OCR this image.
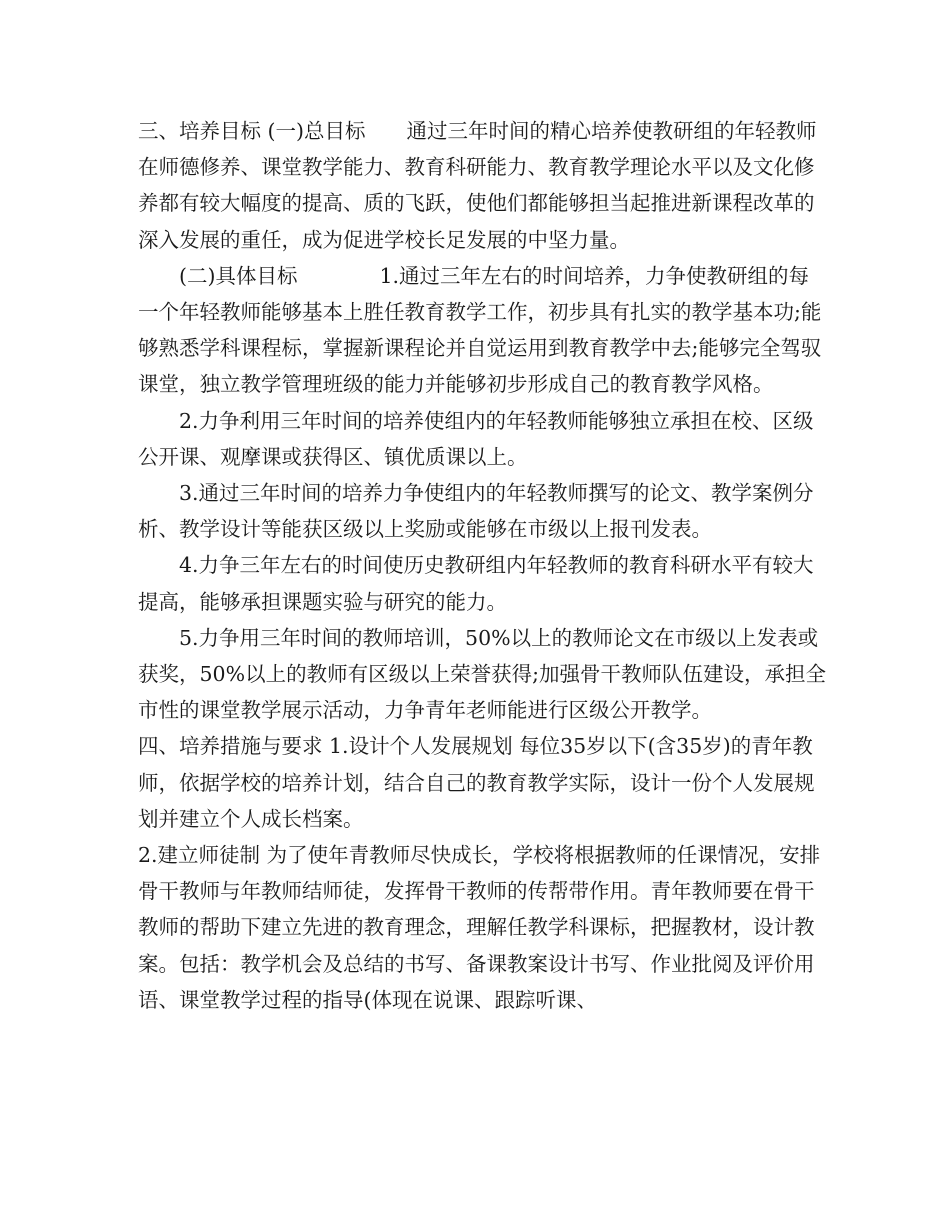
三、培养目标 (一)总目标　　通过三年时间的精心培养使教研组的年轻教师在师德修养、课堂教学能力、教育科研能力、教育教学理论水平以及文化修养都有较大幅度的提高、质的飞跃，使他们都能够担当起推进新课程改革的深入发展的重任，成为促进学校长足发展的中坚力量。

(二)具体目标　　　　1.通过三年左右的时间培养，力争使教研组的每一个年轻教师能够基本上胜任教育教学工作，初步具有扎实的教学基本功;能够熟悉学科课程标，掌握新课程论并自觉运用到教育教学中去;能够完全驾驭课堂，独立教学管理班级的能力并能够初步形成自己的教育教学风格。

2.力争利用三年时间的培养使组内的年轻教师能够独立承担在校、区级公开课、观摩课或获得区、镇优质课以上。

3.通过三年时间的培养力争使组内的年轻教师撰写的论文、教学案例分析、教学设计等能获区级以上奖励或能够在市级以上报刊发表。

4.力争三年左右的时间使历史教研组内年轻教师的教育科研水平有较大提高，能够承担课题实验与研究的能力。

5.力争用三年时间的教师培训，50%以上的教师论文在市级以上发表或获奖，50%以上的教师有区级以上荣誉获得;加强骨干教师队伍建设，承担全市性的课堂教学展示活动，力争青年老师能进行区级公开教学。

四、培养措施与要求 1.设计个人发展规划 每位35岁以下(含35岁)的青年教师，依据学校的培养计划，结合自己的教育教学实际，设计一份个人发展规划并建立个人成长档案。

2.建立师徒制 为了使年青教师尽快成长，学校将根据教师的任课情况，安排骨干教师与年教师结师徒，发挥骨干教师的传帮带作用。青年教师要在骨干教师的帮助下建立先进的教育理念，理解任教学科课标，把握教材，设计教案。包括：教学机会及总结的书写、备课教案设计书写、作业批阅及评价用语、课堂教学过程的指导(体现在说课、跟踪听课、
